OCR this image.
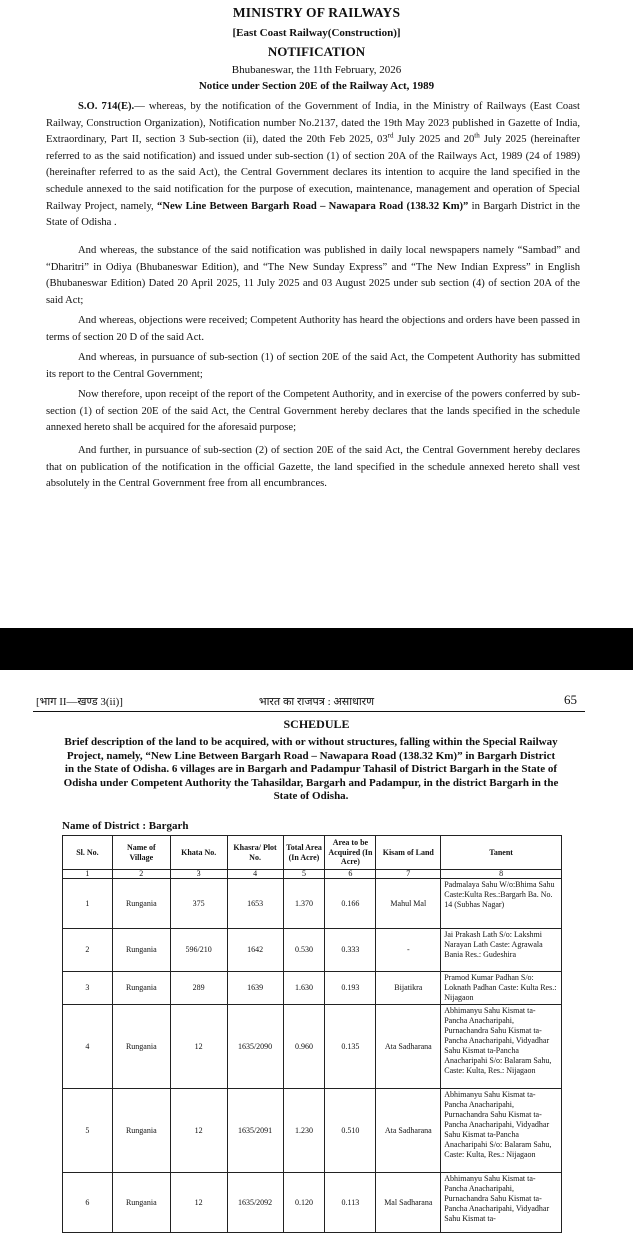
MINISTRY OF RAILWAYS
[East Coast Railway(Construction)]
NOTIFICATION
Bhubaneswar, the 11th February, 2026
Notice under Section 20E of the Railway Act, 1989
S.O. 714(E).— whereas, by the notification of the Government of India, in the Ministry of Railways (East Coast Railway, Construction Organization), Notification number No.2137, dated the 19th May 2023 published in Gazette of India, Extraordinary, Part II, section 3 Sub-section (ii), dated the 20th Feb 2025, 03rd July 2025 and 20th July 2025 (hereinafter referred to as the said notification) and issued under sub-section (1) of section 20A of the Railways Act, 1989 (24 of 1989) (hereinafter referred to as the said Act), the Central Government declares its intention to acquire the land specified in the schedule annexed to the said notification for the purpose of execution, maintenance, management and operation of Special Railway Project, namely, “New Line Between Bargarh Road – Nawapara Road (138.32 Km)” in Bargarh District in the State of Odisha .
And whereas, the substance of the said notification was published in daily local newspapers namely “Sambad” and “Dharitri” in Odiya (Bhubaneswar Edition), and “The New Sunday Express” and “The New Indian Express” in English (Bhubaneswar Edition) Dated 20 April 2025, 11 July 2025 and 03 August 2025 under sub section (4) of section 20A of the said Act;
And whereas, objections were received; Competent Authority has heard the objections and orders have been passed in terms of section 20 D of the said Act.
And whereas, in pursuance of sub-section (1) of section 20E of the said Act, the Competent Authority has submitted its report to the Central Government;
Now therefore, upon receipt of the report of the Competent Authority, and in exercise of the powers conferred by sub-section (1) of section 20E of the said Act, the Central Government hereby declares that the lands specified in the schedule annexed hereto shall be acquired for the aforesaid purpose;
And further, in pursuance of sub-section (2) of section 20E of the said Act, the Central Government hereby declares that on publication of the notification in the official Gazette, the land specified in the schedule annexed hereto shall vest absolutely in the Central Government free from all encumbrances.
[भाग II—खण्ड 3(ii)]	भारत का राजपत्र : असाधारण	65
SCHEDULE
Brief description of the land to be acquired, with or without structures, falling within the Special Railway Project, namely, “New Line Between Bargarh Road – Nawapara Road (138.32 Km)” in Bargarh District in the State of Odisha. 6 villages are in Bargarh and Padampur Tahasil of District Bargarh in the State of Odisha under Competent Authority the Tahasildar, Bargarh and Padampur, in the district Bargarh in the State of Odisha.
Name of District : Bargarh
Sl. No.	Name of Village	Khata No.	Khasra/ Plot No.	Total Area (In Acre)	Area to be Acquired (In Acre)	Kisam of Land	Tanent
1	2	3	4	5	6	7	8
1	Rungania	375	1653	1.370	0.166	Mahul Mal	Padmalaya Sahu W/o:Bhima Sahu Caste:Kulta Res.:Bargarh Ba. No. 14 (Subhas Nagar)
2	Rungania	596/210	1642	0.530	0.333	-	Jai Prakash Lath S/o: Lakshmi Narayan Lath Caste: Agrawala Bania Res.: Gudeshira
3	Rungania	289	1639	1.630	0.193	Bijatikra	Pramod Kumar Padhan S/o: Loknath Padhan Caste: Kulta Res.: Nijagaon
4	Rungania	12	1635/2090	0.960	0.135	Ata Sadharana	Abhimanyu Sahu Kismat ta-Pancha Anacharipahi, Purnachandra Sahu Kismat ta-Pancha Anacharipahi, Vidyadhar Sahu Kismat ta-Pancha Anacharipahi S/o: Balaram Sahu, Caste: Kulta, Res.: Nijagaon
5	Rungania	12	1635/2091	1.230	0.510	Ata Sadharana	Abhimanyu Sahu Kismat ta-Pancha Anacharipahi, Purnachandra Sahu Kismat ta-Pancha Anacharipahi, Vidyadhar Sahu Kismat ta-Pancha Anacharipahi S/o: Balaram Sahu, Caste: Kulta, Res.: Nijagaon
6	Rungania	12	1635/2092	0.120	0.113	Mal Sadharana	Abhimanyu Sahu Kismat ta-Pancha Anacharipahi, Purnachandra Sahu Kismat ta-Pancha Anacharipahi, Vidyadhar Sahu Kismat ta-
